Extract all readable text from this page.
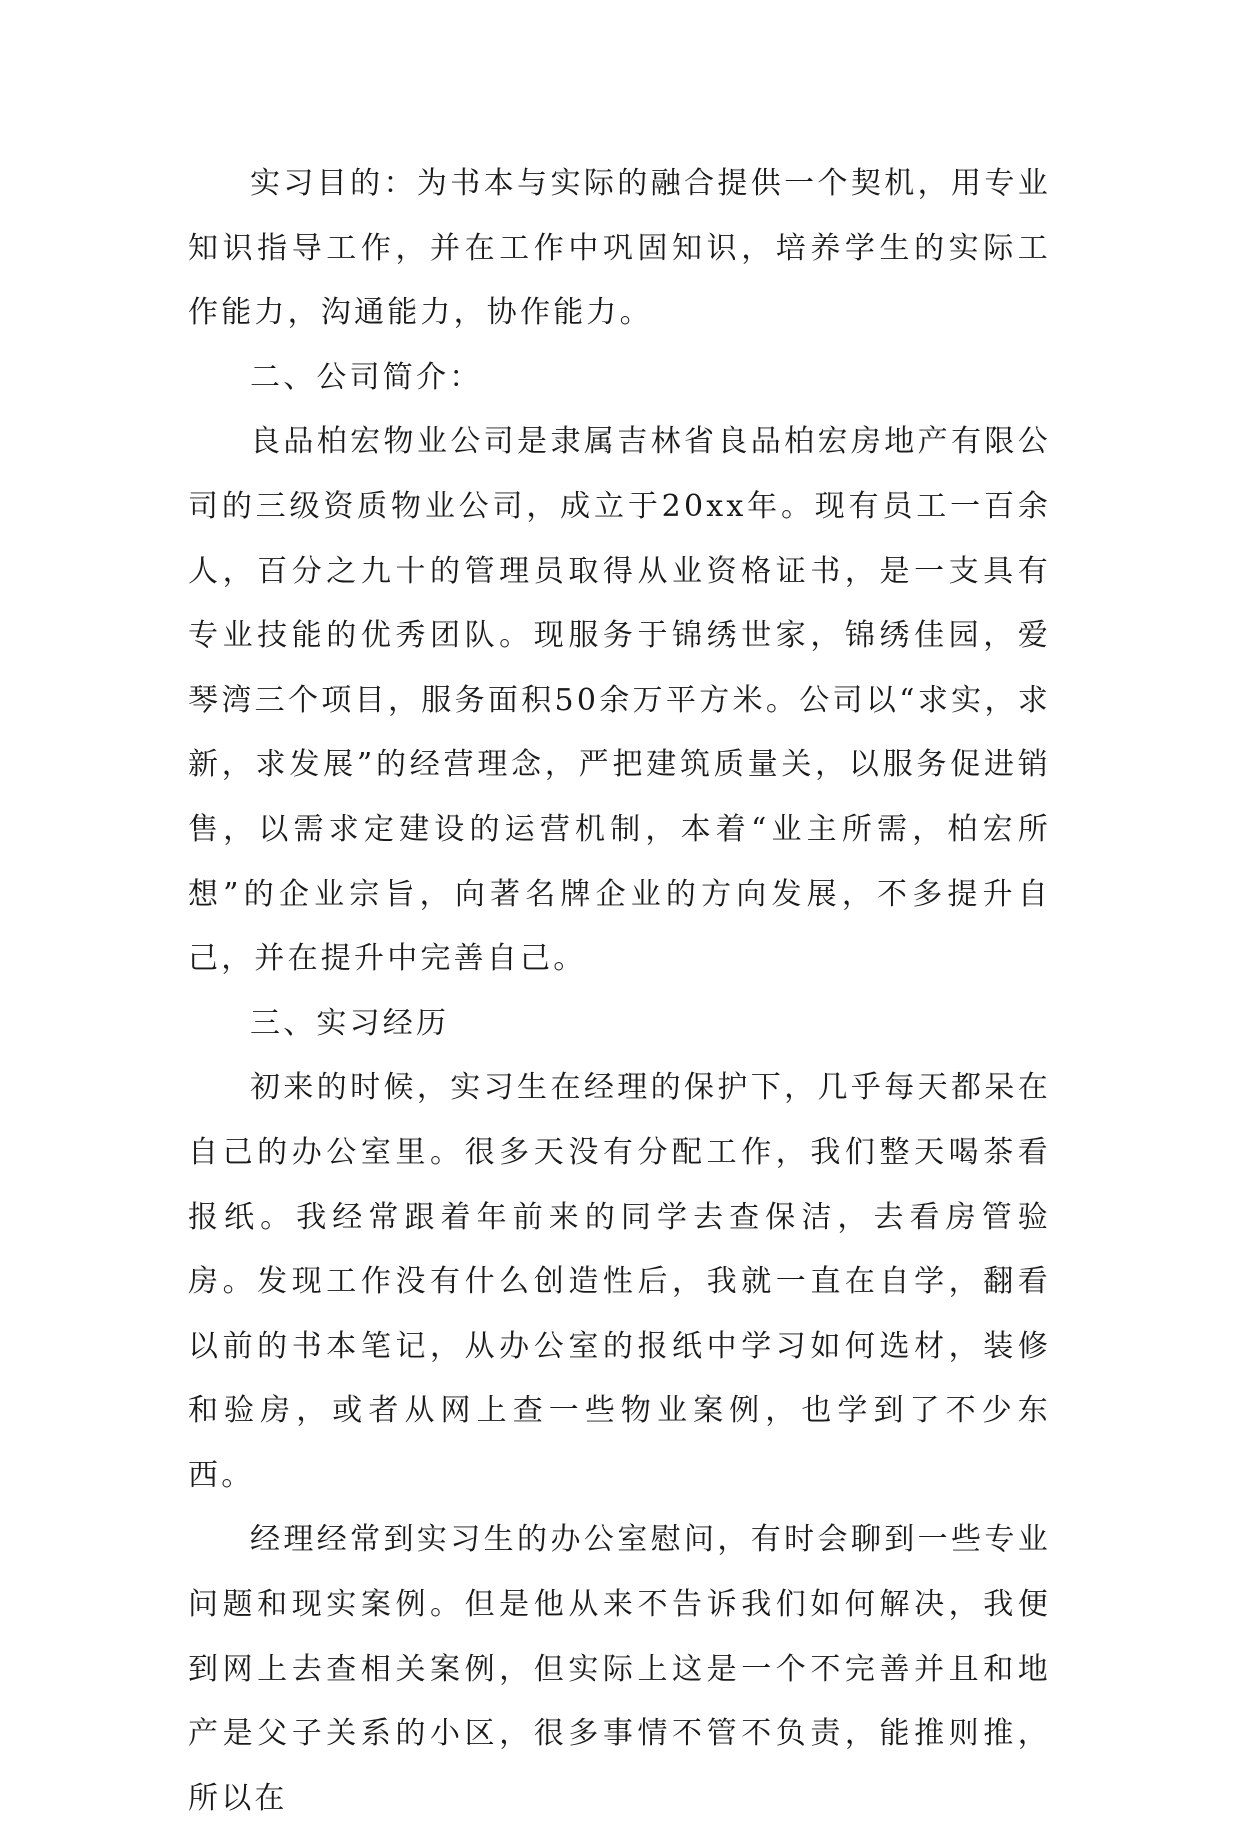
实习目的：为书本与实际的融合提供一个契机，用专业知识指导工作，并在工作中巩固知识，培养学生的实际工作能力，沟通能力，协作能力。

二、公司简介：

良品柏宏物业公司是隶属吉林省良品柏宏房地产有限公司的三级资质物业公司，成立于20xx年。现有员工一百余人，百分之九十的管理员取得从业资格证书，是一支具有专业技能的优秀团队。现服务于锦绣世家，锦绣佳园，爱琴湾三个项目，服务面积50余万平方米。公司以“求实，求新，求发展”的经营理念，严把建筑质量关，以服务促进销售，以需求定建设的运营机制，本着“业主所需，柏宏所想”的企业宗旨，向著名牌企业的方向发展，不多提升自己，并在提升中完善自己。

三、实习经历

初来的时候，实习生在经理的保护下，几乎每天都呆在自己的办公室里。很多天没有分配工作，我们整天喝茶看报纸。我经常跟着年前来的同学去查保洁，去看房管验房。发现工作没有什么创造性后，我就一直在自学，翻看以前的书本笔记，从办公室的报纸中学习如何选材，装修和验房，或者从网上查一些物业案例，也学到了不少东西。

经理经常到实习生的办公室慰问，有时会聊到一些专业问题和现实案例。但是他从来不告诉我们如何解决，我便到网上去查相关案例，但实际上这是一个不完善并且和地产是父子关系的小区，很多事情不管不负责，能推则推，所以在
